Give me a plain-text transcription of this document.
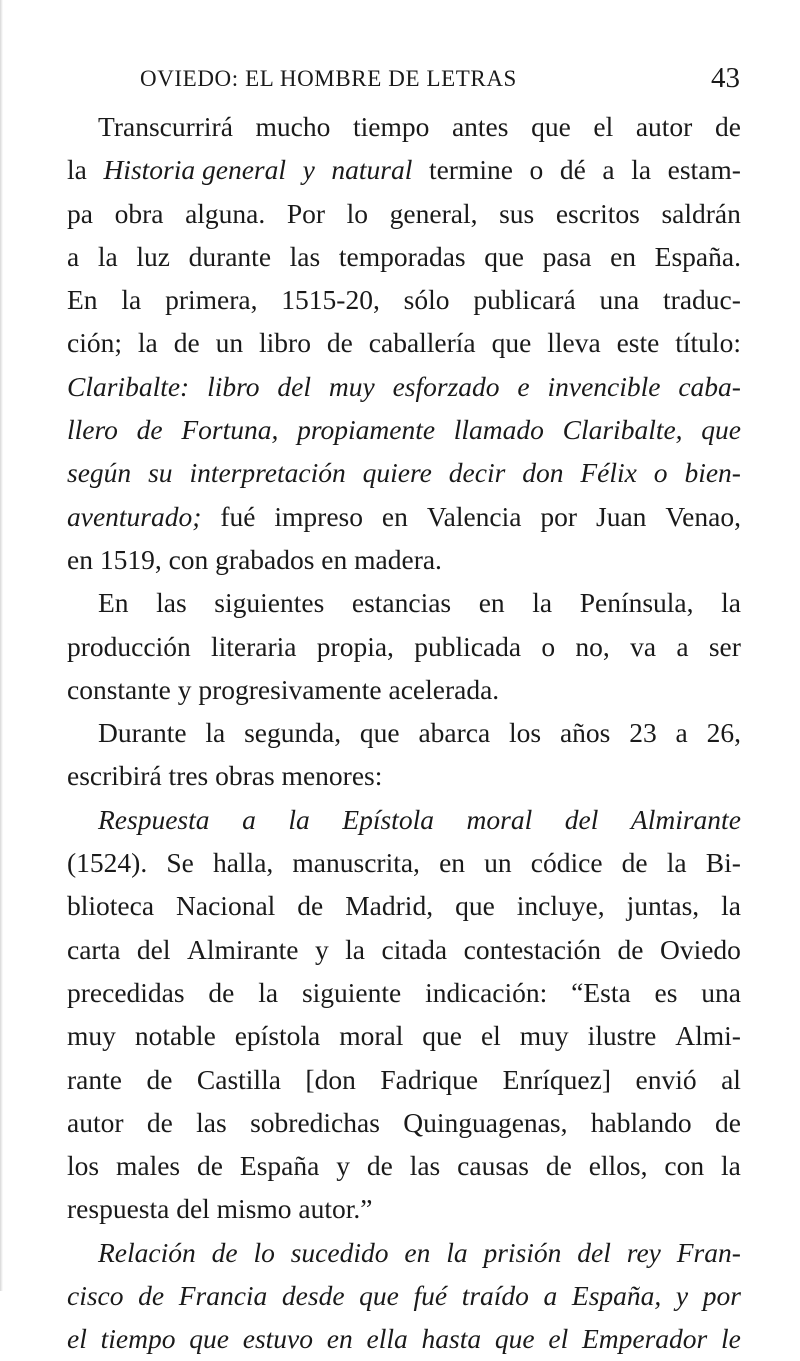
OVIEDO: EL HOMBRE DE LETRAS	43
Transcurrirá mucho tiempo antes que el autor de
la Historia general y natural termine o dé a la estam-
pa obra alguna. Por lo general, sus escritos saldrán
a la luz durante las temporadas que pasa en España.
En la primera, 1515-20, sólo publicará una traduc-
ción; la de un libro de caballería que lleva este título:
Claribalte: libro del muy esforzado e invencible caba-
llero de Fortuna, propiamente llamado Claribalte, que
según su interpretación quiere decir don Félix o bien-
aventurado; fué impreso en Valencia por Juan Venao,
en 1519, con grabados en madera.
En las siguientes estancias en la Península, la
producción literaria propia, publicada o no, va a ser
constante y progresivamente acelerada.
Durante la segunda, que abarca los años 23 a 26,
escribirá tres obras menores:
Respuesta a la Epístola moral del Almirante
(1524). Se halla, manuscrita, en un códice de la Bi-
blioteca Nacional de Madrid, que incluye, juntas, la
carta del Almirante y la citada contestación de Oviedo
precedidas de la siguiente indicación: “Esta es una
muy notable epístola moral que el muy ilustre Almi-
rante de Castilla [don Fadrique Enríquez] envió al
autor de las sobredichas Quinguagenas, hablando de
los males de España y de las causas de ellos, con la
respuesta del mismo autor.”
Relación de lo sucedido en la prisión del rey Fran-
cisco de Francia desde que fué traído a España, y por
el tiempo que estuvo en ella hasta que el Emperador le
